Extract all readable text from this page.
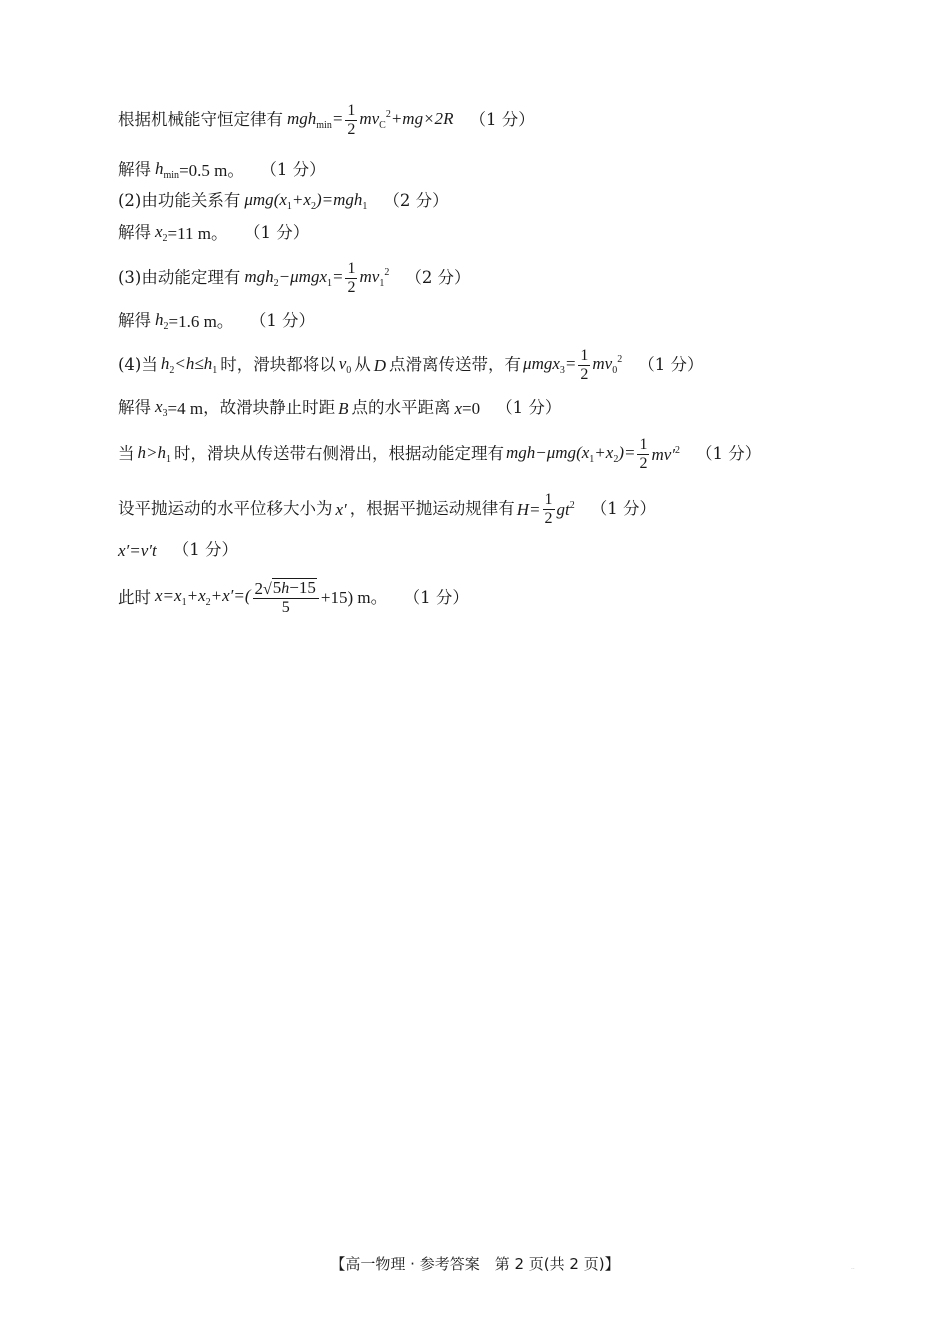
根据机械能守恒定律有 $mgh_{min}= \frac{1}{2} mv_C^2+mg\times 2R$ （1 分）
解得 $h_{min} =0.5$ m。 （1 分）
(2)由功能关系有 $\mu mg(x_1+x_2)=mgh_1$ （2 分）
解得 $x_2 =11$ m。 （1 分）
(3)由动能定理有 $mgh_2-\mu mgx_1= \frac{1}{2} mv_1^2$ （2 分）
解得 $h_2 =1.6$ m。 （1 分）
(4)当 $h_2<h\le h_1$ 时，滑块都将以 $v_0$ 从 D 点滑离传送带，有 $\mu mgx_3= \frac{1}{2} mv_0^2$ （1 分）
解得 $x_3 =4$ m ，故滑块静止时距 B 点的水平距离 x =0 （1 分）
当 $h>h_1$ 时，滑块从传送带右侧滑出，根据动能定理有 $mgh-\mu mg(x_1+x_2)= \frac{1}{2} mv'^2$ （1 分）
设平抛运动的水平位移大小为 x′ ，根据平抛运动规律有 $H= \frac{1}{2} gt^2$ （1 分）
x′=v′t （1 分）
此时 $x=x_1+x_2+x'=( \frac{2 √ 5h-15}{5} +15)$ m。 （1 分）
【高一物理 · 参考答案　第 2 页(共 2 页)】	··
